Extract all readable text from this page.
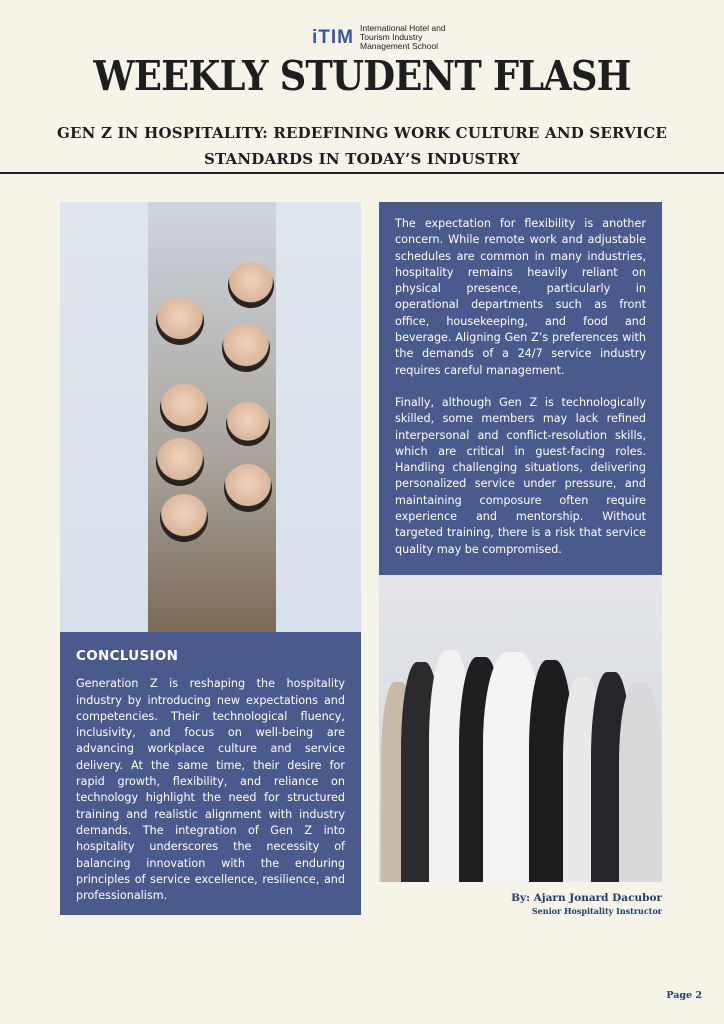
iTIM International Hotel and Tourism Industry Management School
WEEKLY STUDENT FLASH
GEN Z IN HOSPITALITY: REDEFINING WORK CULTURE AND SERVICE
STANDARDS IN TODAY’S INDUSTRY

The expectation for flexibility is another concern. While remote work and adjustable schedules are common in many industries, hospitality remains heavily reliant on physical presence, particularly in operational departments such as front office, housekeeping, and food and beverage. Aligning Gen Z’s preferences with the demands of a 24/7 service industry requires careful management.

Finally, although Gen Z is technologically skilled, some members may lack refined interpersonal and conflict-resolution skills, which are critical in guest-facing roles. Handling challenging situations, delivering personalized service under pressure, and maintaining composure often require experience and mentorship. Without targeted training, there is a risk that service quality may be compromised.

CONCLUSION

Generation Z is reshaping the hospitality industry by introducing new expectations and competencies. Their technological fluency, inclusivity, and focus on well-being are advancing workplace culture and service delivery. At the same time, their desire for rapid growth, flexibility, and reliance on technology highlight the need for structured training and realistic alignment with industry demands. The integration of Gen Z into hospitality underscores the necessity of balancing innovation with the enduring principles of service excellence, resilience, and professionalism.	By: Ajarn Jonard Dacubor
Senior Hospitality Instructor
Page 2
